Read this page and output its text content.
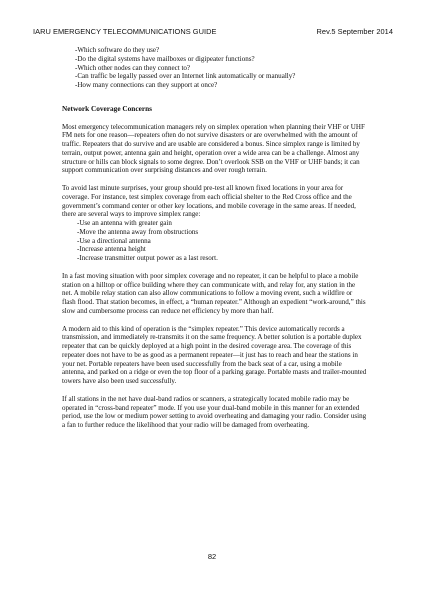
IARU EMERGENCY TELECOMMUNICATIONS GUIDE	Rev.5 September 2014
-Which software do they use?
-Do the digital systems have mailboxes or digipeater functions?
-Which other nodes can they connect to?
-Can traffic be legally passed over an Internet link automatically or manually?
-How many connections can they support at once?
Network Coverage Concerns

Most emergency telecommunication managers rely on simplex operation when planning their VHF or UHF FM nets for one reason—repeaters often do not survive disasters or are overwhelmed with the amount of traffic. Repeaters that do survive and are usable are considered a bonus. Since simplex range is limited by terrain, output power, antenna gain and height, operation over a wide area can be a challenge. Almost any structure or hills can block signals to some degree. Don’t overlook SSB on the VHF or UHF bands; it can support communication over surprising distances and over rough terrain.

To avoid last minute surprises, your group should pre-test all known fixed locations in your area for coverage. For instance, test simplex coverage from each official shelter to the Red Cross office and the government’s command center or other key locations, and mobile coverage in the same areas. If needed, there are several ways to improve simplex range:

-Use an antenna with greater gain
-Move the antenna away from obstructions
-Use a directional antenna
-Increase antenna height
-Increase transmitter output power as a last resort.

In a fast moving situation with poor simplex coverage and no repeater, it can be helpful to place a mobile station on a hilltop or office building where they can communicate with, and relay for, any station in the net. A mobile relay station can also allow communications to follow a moving event, such a wildfire or flash flood. That station becomes, in effect, a “human repeater.” Although an expedient “work-around,” this slow and cumbersome process can reduce net efficiency by more than half.

A modern aid to this kind of operation is the “simplex repeater.” This device automatically records a transmission, and immediately re-transmits it on the same frequency. A better solution is a portable duplex repeater that can be quickly deployed at a high point in the desired coverage area. The coverage of this repeater does not have to be as good as a permanent repeater—it just has to reach and hear the stations in your net. Portable repeaters have been used successfully from the back seat of a car, using a mobile antenna, and parked on a ridge or even the top floor of a parking garage. Portable masts and trailer-mounted towers have also been used successfully.

If all stations in the net have dual-band radios or scanners, a strategically located mobile radio may be operated in “cross-band repeater” mode. If you use your dual-band mobile in this manner for an extended period, use the low or medium power setting to avoid overheating and damaging your radio. Consider using a fan to further reduce the likelihood that your radio will be damaged from overheating.

82
